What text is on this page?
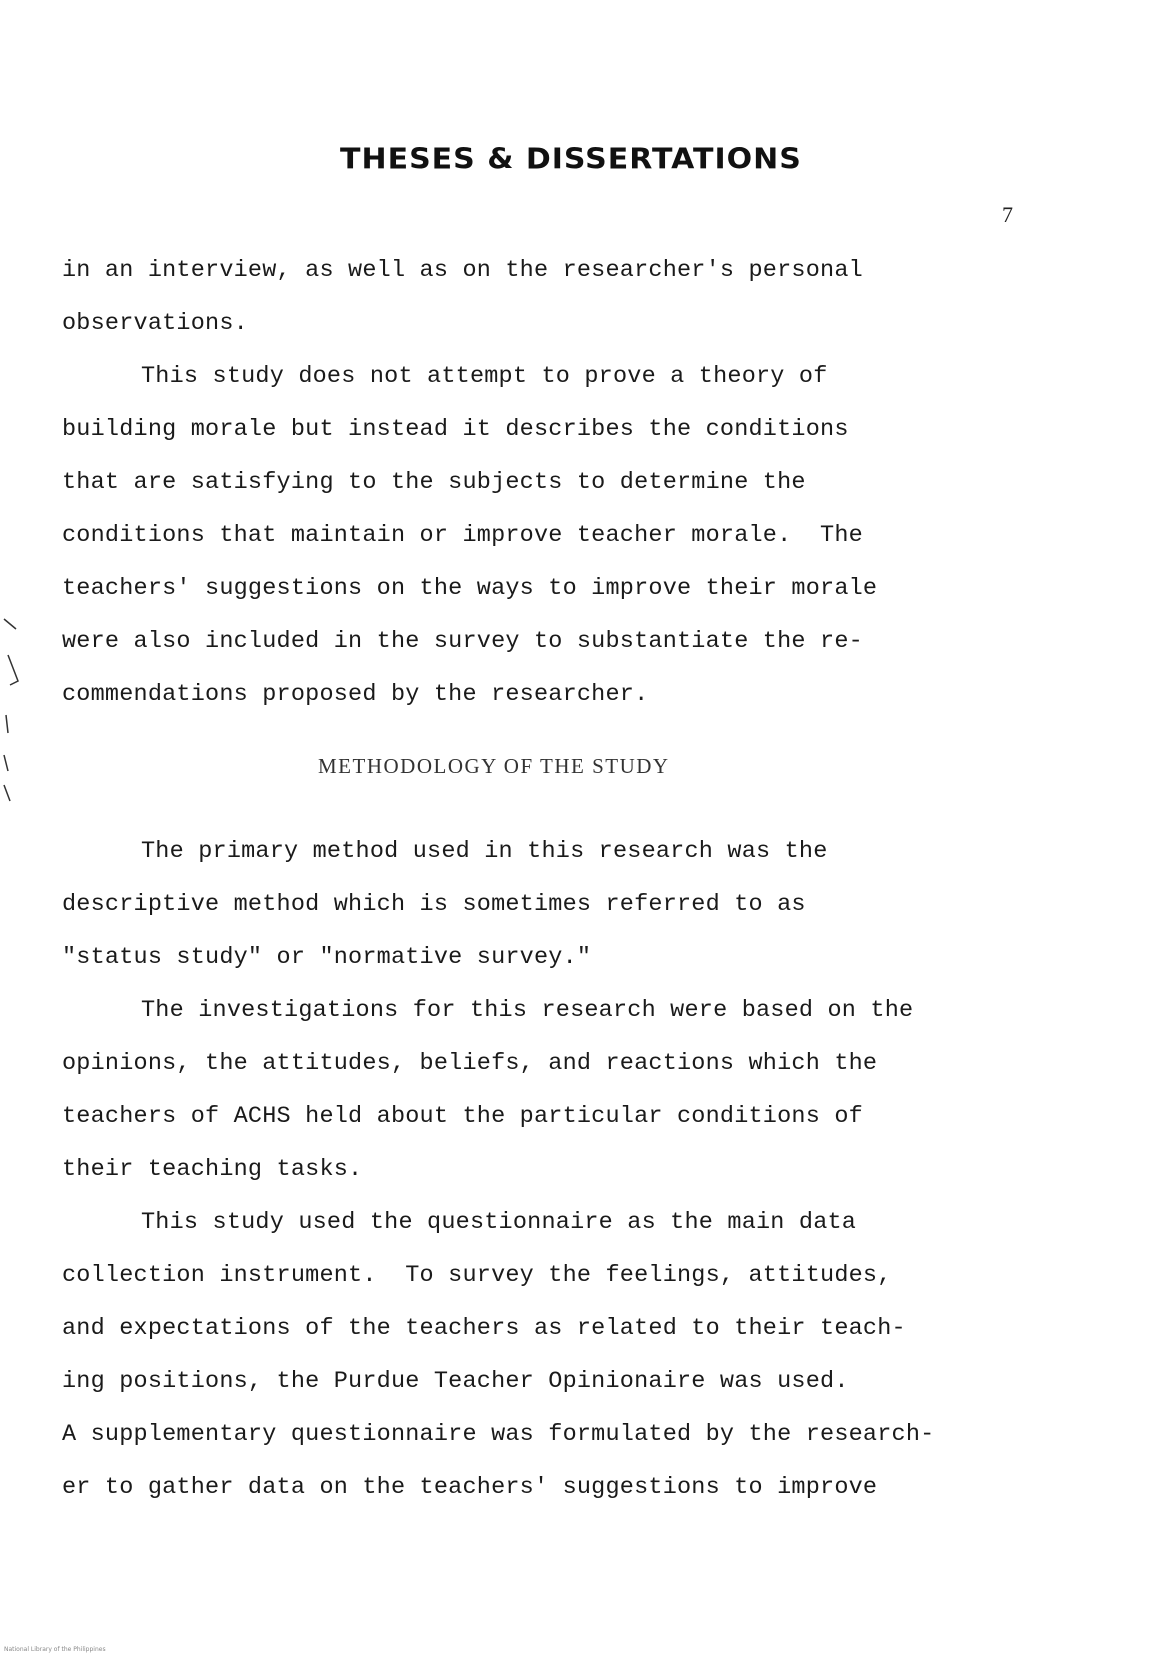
THESES & DISSERTATIONS
7
in an interview, as well as on the researcher's personal
observations.
This study does not attempt to prove a theory of
building morale but instead it describes the conditions
that are satisfying to the subjects to determine the
conditions that maintain or improve teacher morale.  The
teachers' suggestions on the ways to improve their morale
were also included in the survey to substantiate the re-
commendations proposed by the researcher.
METHODOLOGY OF THE STUDY
The primary method used in this research was the
descriptive method which is sometimes referred to as
"status study" or "normative survey."
The investigations for this research were based on the
opinions, the attitudes, beliefs, and reactions which the
teachers of ACHS held about the particular conditions of
their teaching tasks.
This study used the questionnaire as the main data
collection instrument.  To survey the feelings, attitudes,
and expectations of the teachers as related to their teach-
ing positions, the Purdue Teacher Opinionaire was used.
A supplementary questionnaire was formulated by the research-
er to gather data on the teachers' suggestions to improve
National Library of the Philippines
